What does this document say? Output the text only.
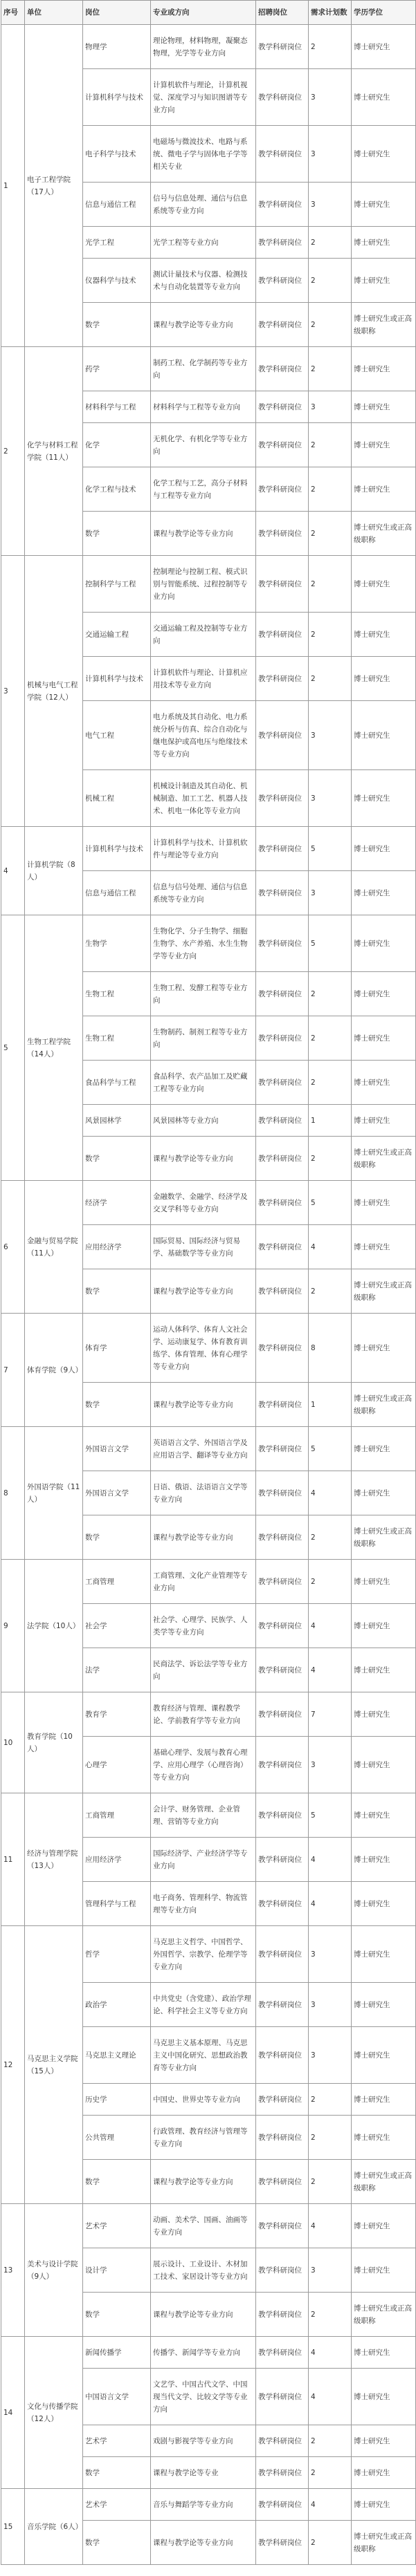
序号	单位	岗位	专业或方向	招聘岗位	需求计划数	学历学位
1	电子工程学院（17人）	物理学	理论物理，材料物理，凝聚态物理，光学等专业方向	教学科研岗位	2	博士研究生
		计算机科学与技术	计算机软件与理论，计算机视觉、深度学习与知识图谱等专业方向	教学科研岗位	3	博士研究生
		电子科学与技术	电磁场与微波技术、电路与系统、微电子学与固体电子学等相关专业	教学科研岗位	3	博士研究生
		信息与通信工程	信号与信息处理、通信与信息系统等专业方向	教学科研岗位	3	博士研究生
		光学工程	光学工程等专业方向	教学科研岗位	2	博士研究生
		仪器科学与技术	测试计量技术与仪器、检测技术与自动化装置等专业方向	教学科研岗位	2	博士研究生
		数学	课程与教学论等专业方向	教学科研岗位	2	博士研究生或正高级职称
2	化学与材料工程学院（11人）	药学	制药工程、化学制药等专业方向	教学科研岗位	2	博士研究生
		材料科学与工程	材料科学与工程等专业方向	教学科研岗位	3	博士研究生
		化学	无机化学、有机化学等专业方向	教学科研岗位	2	博士研究生
		化学工程与技术	化学工程与工艺，高分子材料与工程等专业方向	教学科研岗位	2	博士研究生
		数学	课程与教学论等专业方向	教学科研岗位	2	博士研究生或正高级职称
3	机械与电气工程学院（12人）	控制科学与工程	控制理论与控制工程、模式识别与智能系统、过程控制等专业方向	教学科研岗位	2	博士研究生
		交通运输工程	交通运输工程及控制等专业方向	教学科研岗位	2	博士研究生
		计算机科学与技术	计算机软件与理论、计算机应用技术等专业方向	教学科研岗位	2	博士研究生
		电气工程	电力系统及其自动化、电力系统分析与仿真、综合自动化与继电保护或高电压与绝缘技术等专业方向	教学科研岗位	3	博士研究生
		机械工程	机械设计制造及其自动化、机械制造、加工工艺、机器人技术、机电一体化等专业方向	教学科研岗位	3	博士研究生
4	计算机学院（8人）	计算机科学与技术	计算机科学与技术、计算机软件与理论等专业方向	教学科研岗位	5	博士研究生
		信息与通信工程	信息与信号处理、通信与信息系统等专业方向	教学科研岗位	3	博士研究生
5	生物工程学院（14人）	生物学	生物化学、分子生物学、细胞生物学、水产养殖、水生生物学等专业方向	教学科研岗位	5	博士研究生
		生物工程	生物工程、发酵工程等专业方向	教学科研岗位	2	博士研究生
		生物工程	生物制药、制剂工程等专业方向	教学科研岗位	2	博士研究生
		食品科学与工程	食品科学、农产品加工及贮藏工程等专业方向	教学科研岗位	2	博士研究生
		风景园林学	风景园林等专业方向	教学科研岗位	1	博士研究生
		数学	课程与教学论等专业方向	教学科研岗位	2	博士研究生或正高级职称
6	金融与贸易学院（11人）	经济学	金融数学、金融学、经济学及交叉学科等专业方向	教学科研岗位	5	博士研究生
		应用经济学	国际贸易、国际经济与贸易学、基础数学等专业方向	教学科研岗位	4	博士研究生
		数学	课程与教学论等专业方向	教学科研岗位	2	博士研究生或正高级职称
7	体育学院（9人）	体育学	运动人体科学、体育人文社会学、运动康复学、体育教育训练学、体育管理、体育心理学等专业方向	教学科研岗位	8	博士研究生
		数学	课程与教学论等专业方向	教学科研岗位	1	博士研究生或正高级职称
8	外国语学院（11人）	外国语言文学	英语语言文学、外国语言学及应用语言学、翻译等专业方向	教学科研岗位	5	博士研究生
		外国语言文学	日语、俄语、法语语言文学等专业方向	教学科研岗位	4	博士研究生
		数学	课程与教学论等专业方向	教学科研岗位	2	博士研究生或正高级职称
9	法学院（10人）	工商管理	工商管理、文化产业管理等专业方向	教学科研岗位	2	博士研究生
		社会学	社会学、心理学、民族学、人类学等专业方向	教学科研岗位	4	博士研究生
		法学	民商法学、诉讼法学等专业方向	教学科研岗位	4	博士研究生
10	教育学院（10人）	教育学	教育经济与管理、课程教学论、学前教育学等专业方向	教学科研岗位	7	博士研究生
		心理学	基础心理学、发展与教育心理学、应用心理学（心理咨询）等专业方向	教学科研岗位	3	博士研究生
11	经济与管理学院（13人）	工商管理	会计学、财务管理、企业管理、营销等专业方向	教学科研岗位	5	博士研究生
		应用经济学	国际经济学、产业经济学等专业方向	教学科研岗位	4	博士研究生
		管理科学与工程	电子商务、管理科学、物流管理等专业方向	教学科研岗位	4	博士研究生
12	马克思主义学院（15人）	哲学	马克思主义哲学、中国哲学、外国哲学、宗教学、伦理学等专业方向	教学科研岗位	3	博士研究生
		政治学	中共党史（含党建）、政治学理论、科学社会主义等专业方向	教学科研岗位	3	博士研究生
		马克思主义理论	马克思主义基本原理、马克思主义中国化研究、思想政治教育等专业方向	教学科研岗位	3	博士研究生
		历史学	中国史、世界史等专业方向	教学科研岗位	2	博士研究生
		公共管理	行政管理、教育经济与管理等专业方向	教学科研岗位	2	博士研究生
		数学	课程与教学论等专业方向	教学科研岗位	2	博士研究生或正高级职称
13	美术与设计学院（9人）	艺术学	动画、美术学、国画、油画等专业方向	教学科研岗位	4	博士研究生
		设计学	展示设计、工业设计、木材加工技术、家居设计等专业方向	教学科研岗位	3	博士研究生
		数学	课程与教学论等专业方向	教学科研岗位	2	博士研究生或正高级职称
14	文化与传播学院（12人）	新闻传播学	传播学、新闻学等专业方向	教学科研岗位	4	博士研究生
		中国语言文学	文艺学、中国古代文学、中国现当代文学、比较文学等专业方向	教学科研岗位	4	博士研究生
		艺术学	戏剧与影视学等专业方向	教学科研岗位	2	博士研究生
		数学	课程与教学论等专业	教学科研岗位	2	博士研究生
15	音乐学院（6人）	艺术学	音乐与舞蹈学等专业方向	教学科研岗位	4	博士研究生
		数学	课程与教学论等专业方向	教学科研岗位	2	博士研究生或正高级职称
